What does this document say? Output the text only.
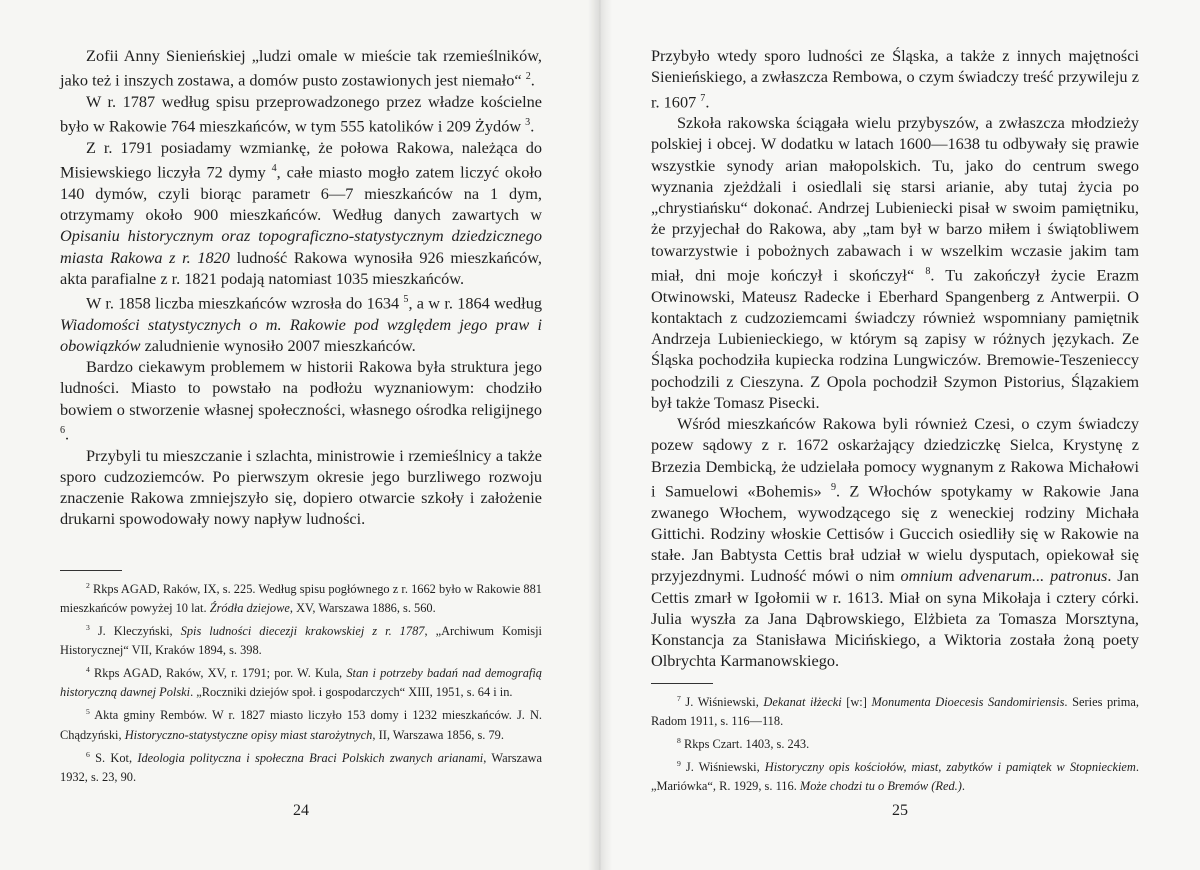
Zofii Anny Sienieńskiej „ludzi omale w mieście tak rzemieślników, jako też i inszych zostawa, a domów pusto zostawionych jest niemało“ $^2$.

W r. 1787 według spisu przeprowadzonego przez władze kościelne było w Rakowie 764 mieszkańców, w tym 555 katolików i 209 Żydów $^3$.

Z r. 1791 posiadamy wzmiankę, że połowa Rakowa, należąca do Misiewskiego liczyła 72 dymy $^4$, całe miasto mogło zatem liczyć około 140 dymów, czyli biorąc parametr 6—7 mieszkańców na 1 dym, otrzymamy około 900 mieszkańców. Według danych zawartych w Opisaniu historycznym oraz topograficzno-statystycznym dziedzicznego miasta Rakowa z r. 1820 ludność Rakowa wynosiła 926 mieszkańców, akta parafialne z r. 1821 podają natomiast 1035 mieszkańców.

W r. 1858 liczba mieszkańców wzrosła do 1634 $^5$, a w r. 1864 według Wiadomości statystycznych o m. Rakowie pod względem jego praw i obowiązków zaludnienie wynosiło 2007 mieszkańców.

Bardzo ciekawym problemem w historii Rakowa była struktura jego ludności. Miasto to powstało na podłożu wyznaniowym: chodziło bowiem o stworzenie własnej społeczności, własnego ośrodka religijnego $^6$.

Przybyli tu mieszczanie i szlachta, ministrowie i rzemieślnicy a także sporo cudzoziemców. Po pierwszym okresie jego burzliwego rozwoju znaczenie Rakowa zmniejszyło się, dopiero otwarcie szkoły i założenie drukarni spowodowały nowy napływ ludności.

$^2$ Rkps AGAD, Raków, IX, s. 225. Według spisu pogłównego z r. 1662 było w Rakowie 881 mieszkańców powyżej 10 lat. Źródła dziejowe, XV, Warszawa 1886, s. 560.

$^3$ J. Kleczyński, Spis ludności diecezji krakowskiej z r. 1787, „Archiwum Komisji Historycznej“ VII, Kraków 1894, s. 398.

$^4$ Rkps AGAD, Raków, XV, r. 1791; por. W. Kula, Stan i potrzeby badań nad demografią historyczną dawnej Polski. „Roczniki dziejów społ. i gospodarczych“ XIII, 1951, s. 64 i in.

$^5$ Akta gminy Rembów. W r. 1827 miasto liczyło 153 domy i 1232 mieszkańców. J. N. Chądzyński, Historyczno-statystyczne opisy miast starożytnych, II, Warszawa 1856, s. 79.

$^6$ S. Kot, Ideologia polityczna i społeczna Braci Polskich zwanych arianami, Warszawa 1932, s. 23, 90.

24

Przybyło wtedy sporo ludności ze Śląska, a także z innych majętności Sienieńskiego, a zwłaszcza Rembowa, o czym świadczy treść przywileju z r. 1607 $^7$.

Szkoła rakowska ściągała wielu przybyszów, a zwłaszcza młodzieży polskiej i obcej. W dodatku w latach 1600—1638 tu odbywały się prawie wszystkie synody arian małopolskich. Tu, jako do centrum swego wyznania zjeżdżali i osiedlali się starsi arianie, aby tutaj życia po „chrystiańsku“ dokonać. Andrzej Lubieniecki pisał w swoim pamiętniku, że przyjechał do Rakowa, aby „tam był w barzo miłem i świątobliwem towarzystwie i pobożnych zabawach i w wszelkim wczasie jakim tam miał, dni moje kończył i skończył“ $^8$. Tu zakończył życie Erazm Otwinowski, Mateusz Radecke i Eberhard Spangenberg z Antwerpii. O kontaktach z cudzoziemcami świadczy również wspomniany pamiętnik Andrzeja Lubienieckiego, w którym są zapisy w różnych językach. Ze Śląska pochodziła kupiecka rodzina Lungwiczów. Bremowie-Teszenieccy pochodzili z Cieszyna. Z Opola pochodził Szymon Pistorius, Ślązakiem był także Tomasz Pisecki.

Wśród mieszkańców Rakowa byli również Czesi, o czym świadczy pozew sądowy z r. 1672 oskarżający dziedziczkę Sielca, Krystynę z Brzezia Dembicką, że udzielała pomocy wygnanym z Rakowa Michałowi i Samuelowi «Bohemis» $^9$. Z Włochów spotykamy w Rakowie Jana zwanego Włochem, wywodzącego się z weneckiej rodziny Michała Gittichi. Rodziny włoskie Cettisów i Guccich osiedliły się w Rakowie na stałe. Jan Babtysta Cettis brał udział w wielu dysputach, opiekował się przyjezdnymi. Ludność mówi o nim omnium advenarum... patronus. Jan Cettis zmarł w Igołomii w r. 1613. Miał on syna Mikołaja i cztery córki. Julia wyszła za Jana Dąbrowskiego, Elżbieta za Tomasza Morsztyna, Konstancja za Stanisława Micińskiego, a Wiktoria została żoną poety Olbrychta Karmanowskiego.

$^7$ J. Wiśniewski, Dekanat iłżecki [w:] Monumenta Dioecesis Sandomiriensis. Series prima, Radom 1911, s. 116—118.

$^8$ Rkps Czart. 1403, s. 243.

$^9$ J. Wiśniewski, Historyczny opis kościołów, miast, zabytków i pamiątek w Stopnieckiem. „Mariówka“, R. 1929, s. 116. Może chodzi tu o Bremów (Red.).

25
